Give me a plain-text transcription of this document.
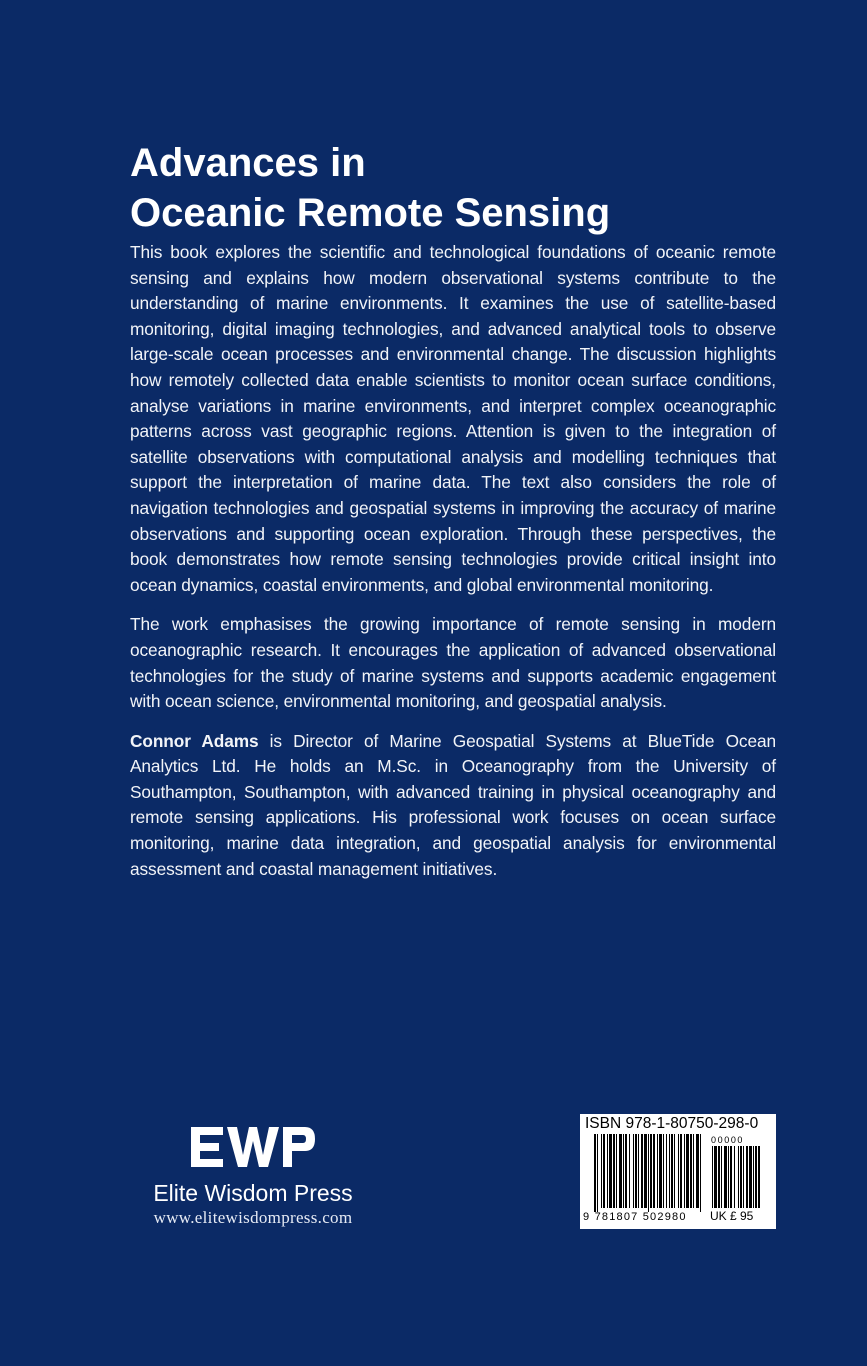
Advances in
Oceanic Remote Sensing

This book explores the scientific and technological foundations of oceanic remote sensing and explains how modern observational systems contribute to the understanding of marine environments. It examines the use of satellite-based monitoring, digital imaging technologies, and advanced analytical tools to observe large-scale ocean processes and environmental change. The discussion highlights how remotely collected data enable scientists to monitor ocean surface conditions, analyse variations in marine environments, and interpret complex oceanographic patterns across vast geographic regions. Attention is given to the integration of satellite observations with computational analysis and modelling techniques that support the interpretation of marine data. The text also considers the role of navigation technologies and geospatial systems in improving the accuracy of marine observations and supporting ocean exploration. Through these perspectives, the book demonstrates how remote sensing technologies provide critical insight into ocean dynamics, coastal environments, and global environmental monitoring.

The work emphasises the growing importance of remote sensing in modern oceanographic research. It encourages the application of advanced observational technologies for the study of marine systems and supports academic engagement with ocean science, environmental monitoring, and geospatial analysis.

Connor Adams is Director of Marine Geospatial Systems at BlueTide Ocean Analytics Ltd. He holds an M.Sc. in Oceanography from the University of Southampton, Southampton, with advanced training in physical oceanography and remote sensing applications. His professional work focuses on ocean surface monitoring, marine data integration, and geospatial analysis for environmental assessment and coastal management initiatives.

Elite Wisdom Press
www.elitewisdompress.com
ISBN 978-1-80750-298-0
00000
9 781807 502980 UK £ 95
